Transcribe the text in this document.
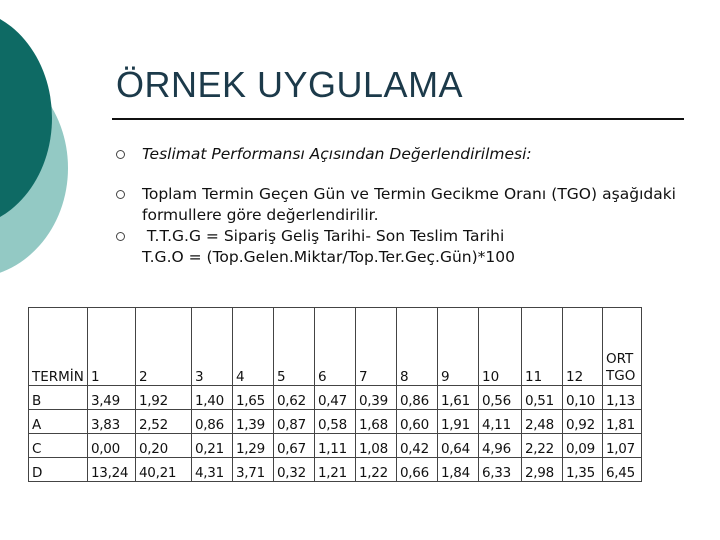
ÖRNEK UYGULAMA
Teslimat Performansı Açısından Değerlendirilmesi:
Toplam Termin Geçen Gün ve Termin Gecikme Oranı (TGO) aşağıdaki formullere göre değerlendirilir.
T.T.G.G = Sipariş Geliş Tarihi- Son Teslim Tarihi
T.G.O = (Top.Gelen.Miktar/Top.Ter.Geç.Gün)*100
TERMİN	1	2	3	4	5	6	7	8	9	10	11	12	ORT TGO
B	3,49	1,92	1,40	1,65	0,62	0,47	0,39	0,86	1,61	0,56	0,51	0,10	1,13
A	3,83	2,52	0,86	1,39	0,87	0,58	1,68	0,60	1,91	4,11	2,48	0,92	1,81
C	0,00	0,20	0,21	1,29	0,67	1,11	1,08	0,42	0,64	4,96	2,22	0,09	1,07
D	13,24	40,21	4,31	3,71	0,32	1,21	1,22	0,66	1,84	6,33	2,98	1,35	6,45
